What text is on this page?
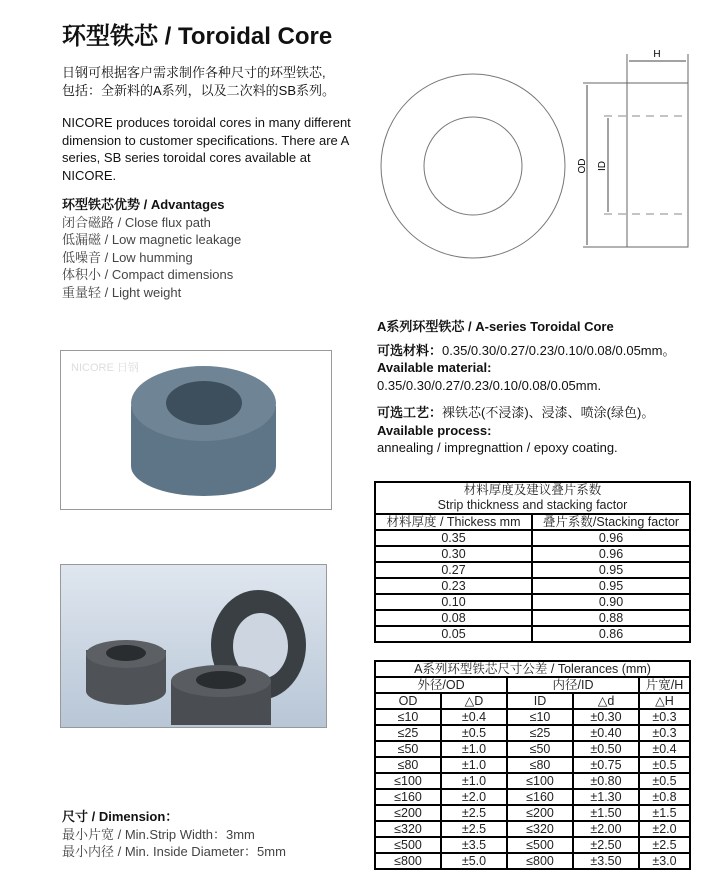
环型铁芯 / Toroidal Core
日钢可根据客户需求制作各种尺寸的环型铁芯,
包括：全新料的A系列，以及二次料的SB系列。
NICORE produces toroidal cores in many different
dimension to customer specifications. There are A
series, SB series toroidal cores available at
NICORE.
环型铁芯优势 / Advantages
闭合磁路 / Close flux path
低漏磁 / Low magnetic leakage
低噪音 / Low humming
体积小 / Compact dimensions
重量轻 / Light weight
H
OD ID
NICORE 日钢
A系列环型铁芯 / A-series Toroidal Core
可选材料：0.35/0.30/0.27/0.23/0.10/0.08/0.05mm。
Available material:
0.35/0.30/0.27/0.23/0.10/0.08/0.05mm.
可选工艺：裸铁芯(不浸漆)、浸漆、喷涂(绿色)。
Available process:
annealing / impregnattion / epoxy coating.
材料厚度及建议叠片系数
Strip thickness and stacking factor	

材料厚度 / Thickess mm	叠片系数/Stacking factor
0.35	0.96
0.30	0.96
0.27	0.95
0.23	0.95
0.10	0.90
0.08	0.88
0.05	0.86
A系列环型铁芯尺寸公差 / Tolerances (mm)				
外径/OD		内径/ID		片宽/H
OD	△D	ID	△d	△H
≤10	±0.4	≤10	±0.30	±0.3
≤25	±0.5	≤25	±0.40	±0.3
≤50	±1.0	≤50	±0.50	±0.4
≤80	±1.0	≤80	±0.75	±0.5
≤100	±1.0	≤100	±0.80	±0.5
≤160	±2.0	≤160	±1.30	±0.8
≤200	±2.5	≤200	±1.50	±1.5
≤320	±2.5	≤320	±2.00	±2.0
≤500	±3.5	≤500	±2.50	±2.5
≤800	±5.0	≤800	±3.50	±3.0
尺寸 / Dimension：
最小片宽 / Min.Strip Width：3mm
最小内径 / Min. Inside Diameter：5mm
